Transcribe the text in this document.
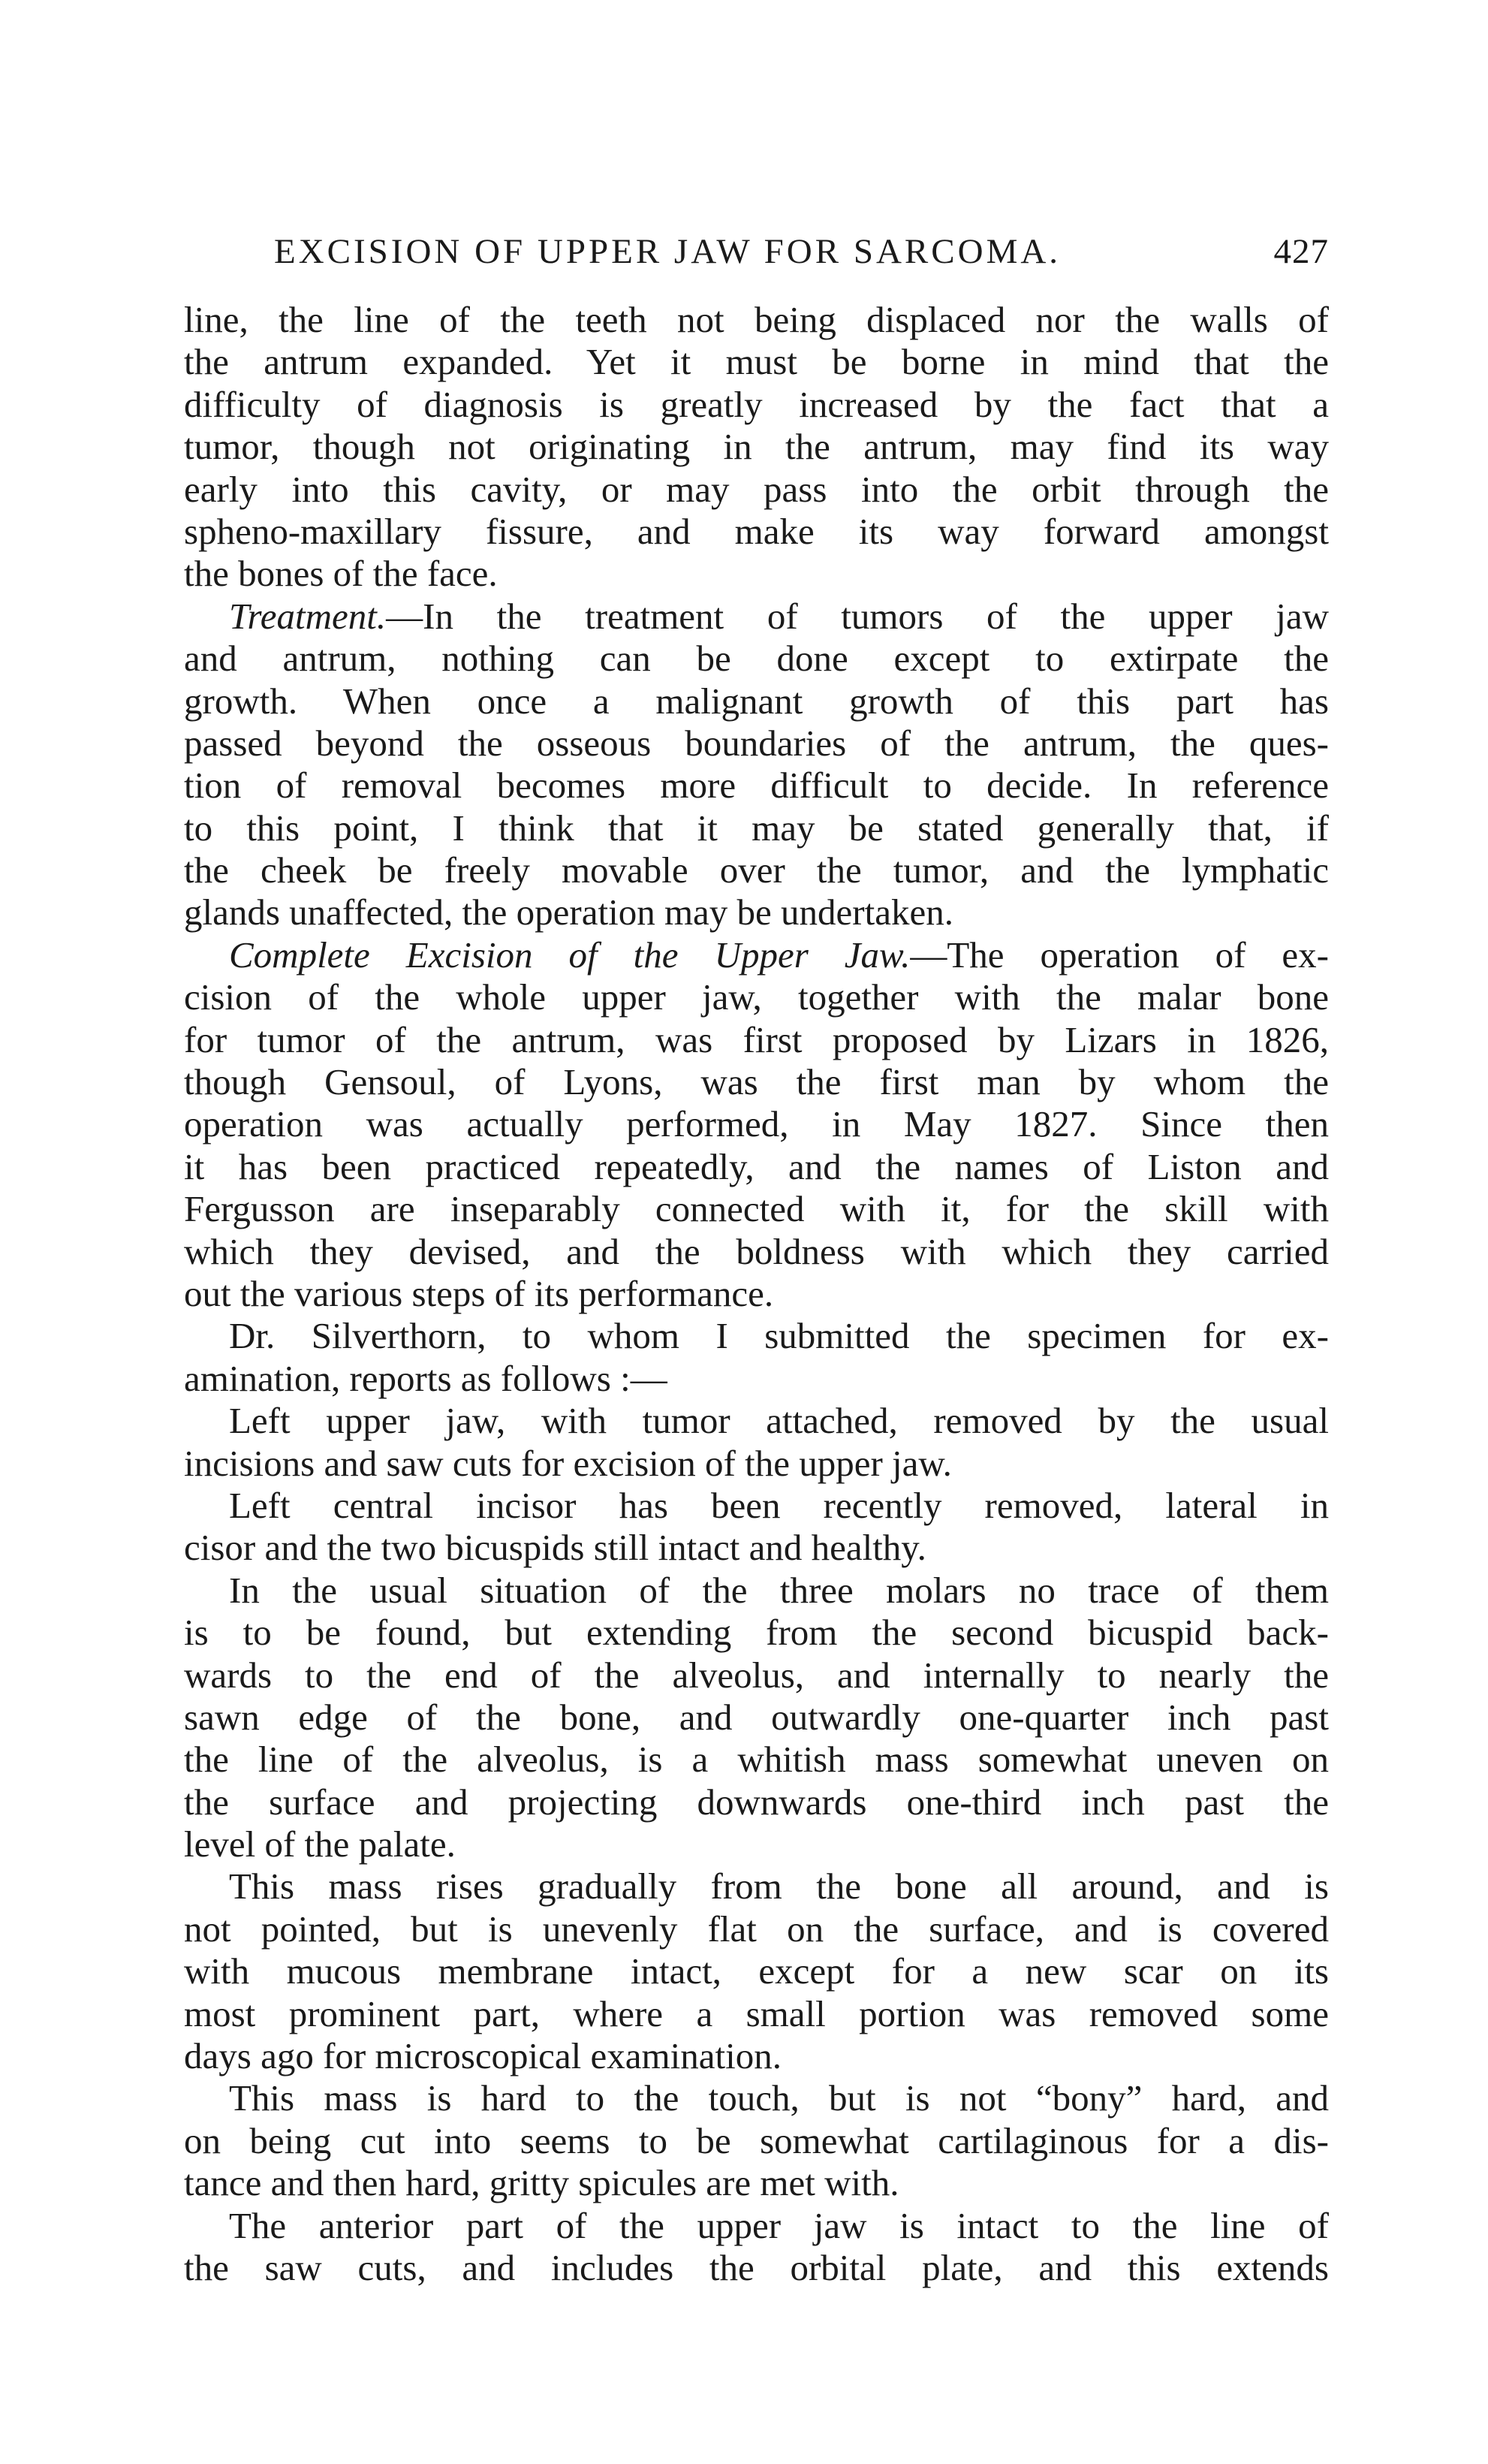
EXCISION OF UPPER JAW FOR SARCOMA.	427
line, the line of the teeth not being displaced nor the walls of
the antrum expanded. Yet it must be borne in mind that the
difficulty of diagnosis is greatly increased by the fact that a
tumor, though not originating in the antrum, may find its way
early into this cavity, or may pass into the orbit through the
spheno-maxillary fissure, and make its way forward amongst
the bones of the face.
Treatment.—In the treatment of tumors of the upper jaw
and antrum, nothing can be done except to extirpate the
growth. When once a malignant growth of this part has
passed beyond the osseous boundaries of the antrum, the ques-
tion of removal becomes more difficult to decide. In reference
to this point, I think that it may be stated generally that, if
the cheek be freely movable over the tumor, and the lymphatic
glands unaffected, the operation may be undertaken.
Complete Excision of the Upper Jaw.—The operation of ex-
cision of the whole upper jaw, together with the malar bone
for tumor of the antrum, was first proposed by Lizars in 1826,
though Gensoul, of Lyons, was the first man by whom the
operation was actually performed, in May 1827. Since then
it has been practiced repeatedly, and the names of Liston and
Fergusson are inseparably connected with it, for the skill with
which they devised, and the boldness with which they carried
out the various steps of its performance.
Dr. Silverthorn, to whom I submitted the specimen for ex-
amination, reports as follows :—
Left upper jaw, with tumor attached, removed by the usual
incisions and saw cuts for excision of the upper jaw.
Left central incisor has been recently removed, lateral in
cisor and the two bicuspids still intact and healthy.
In the usual situation of the three molars no trace of them
is to be found, but extending from the second bicuspid back-
wards to the end of the alveolus, and internally to nearly the
sawn edge of the bone, and outwardly one-quarter inch past
the line of the alveolus, is a whitish mass somewhat uneven on
the surface and projecting downwards one-third inch past the
level of the palate.
This mass rises gradually from the bone all around, and is
not pointed, but is unevenly flat on the surface, and is covered
with mucous membrane intact, except for a new scar on its
most prominent part, where a small portion was removed some
days ago for microscopical examination.
This mass is hard to the touch, but is not “bony” hard, and
on being cut into seems to be somewhat cartilaginous for a dis-
tance and then hard, gritty spicules are met with.
The anterior part of the upper jaw is intact to the line of
the saw cuts, and includes the orbital plate, and this extends
